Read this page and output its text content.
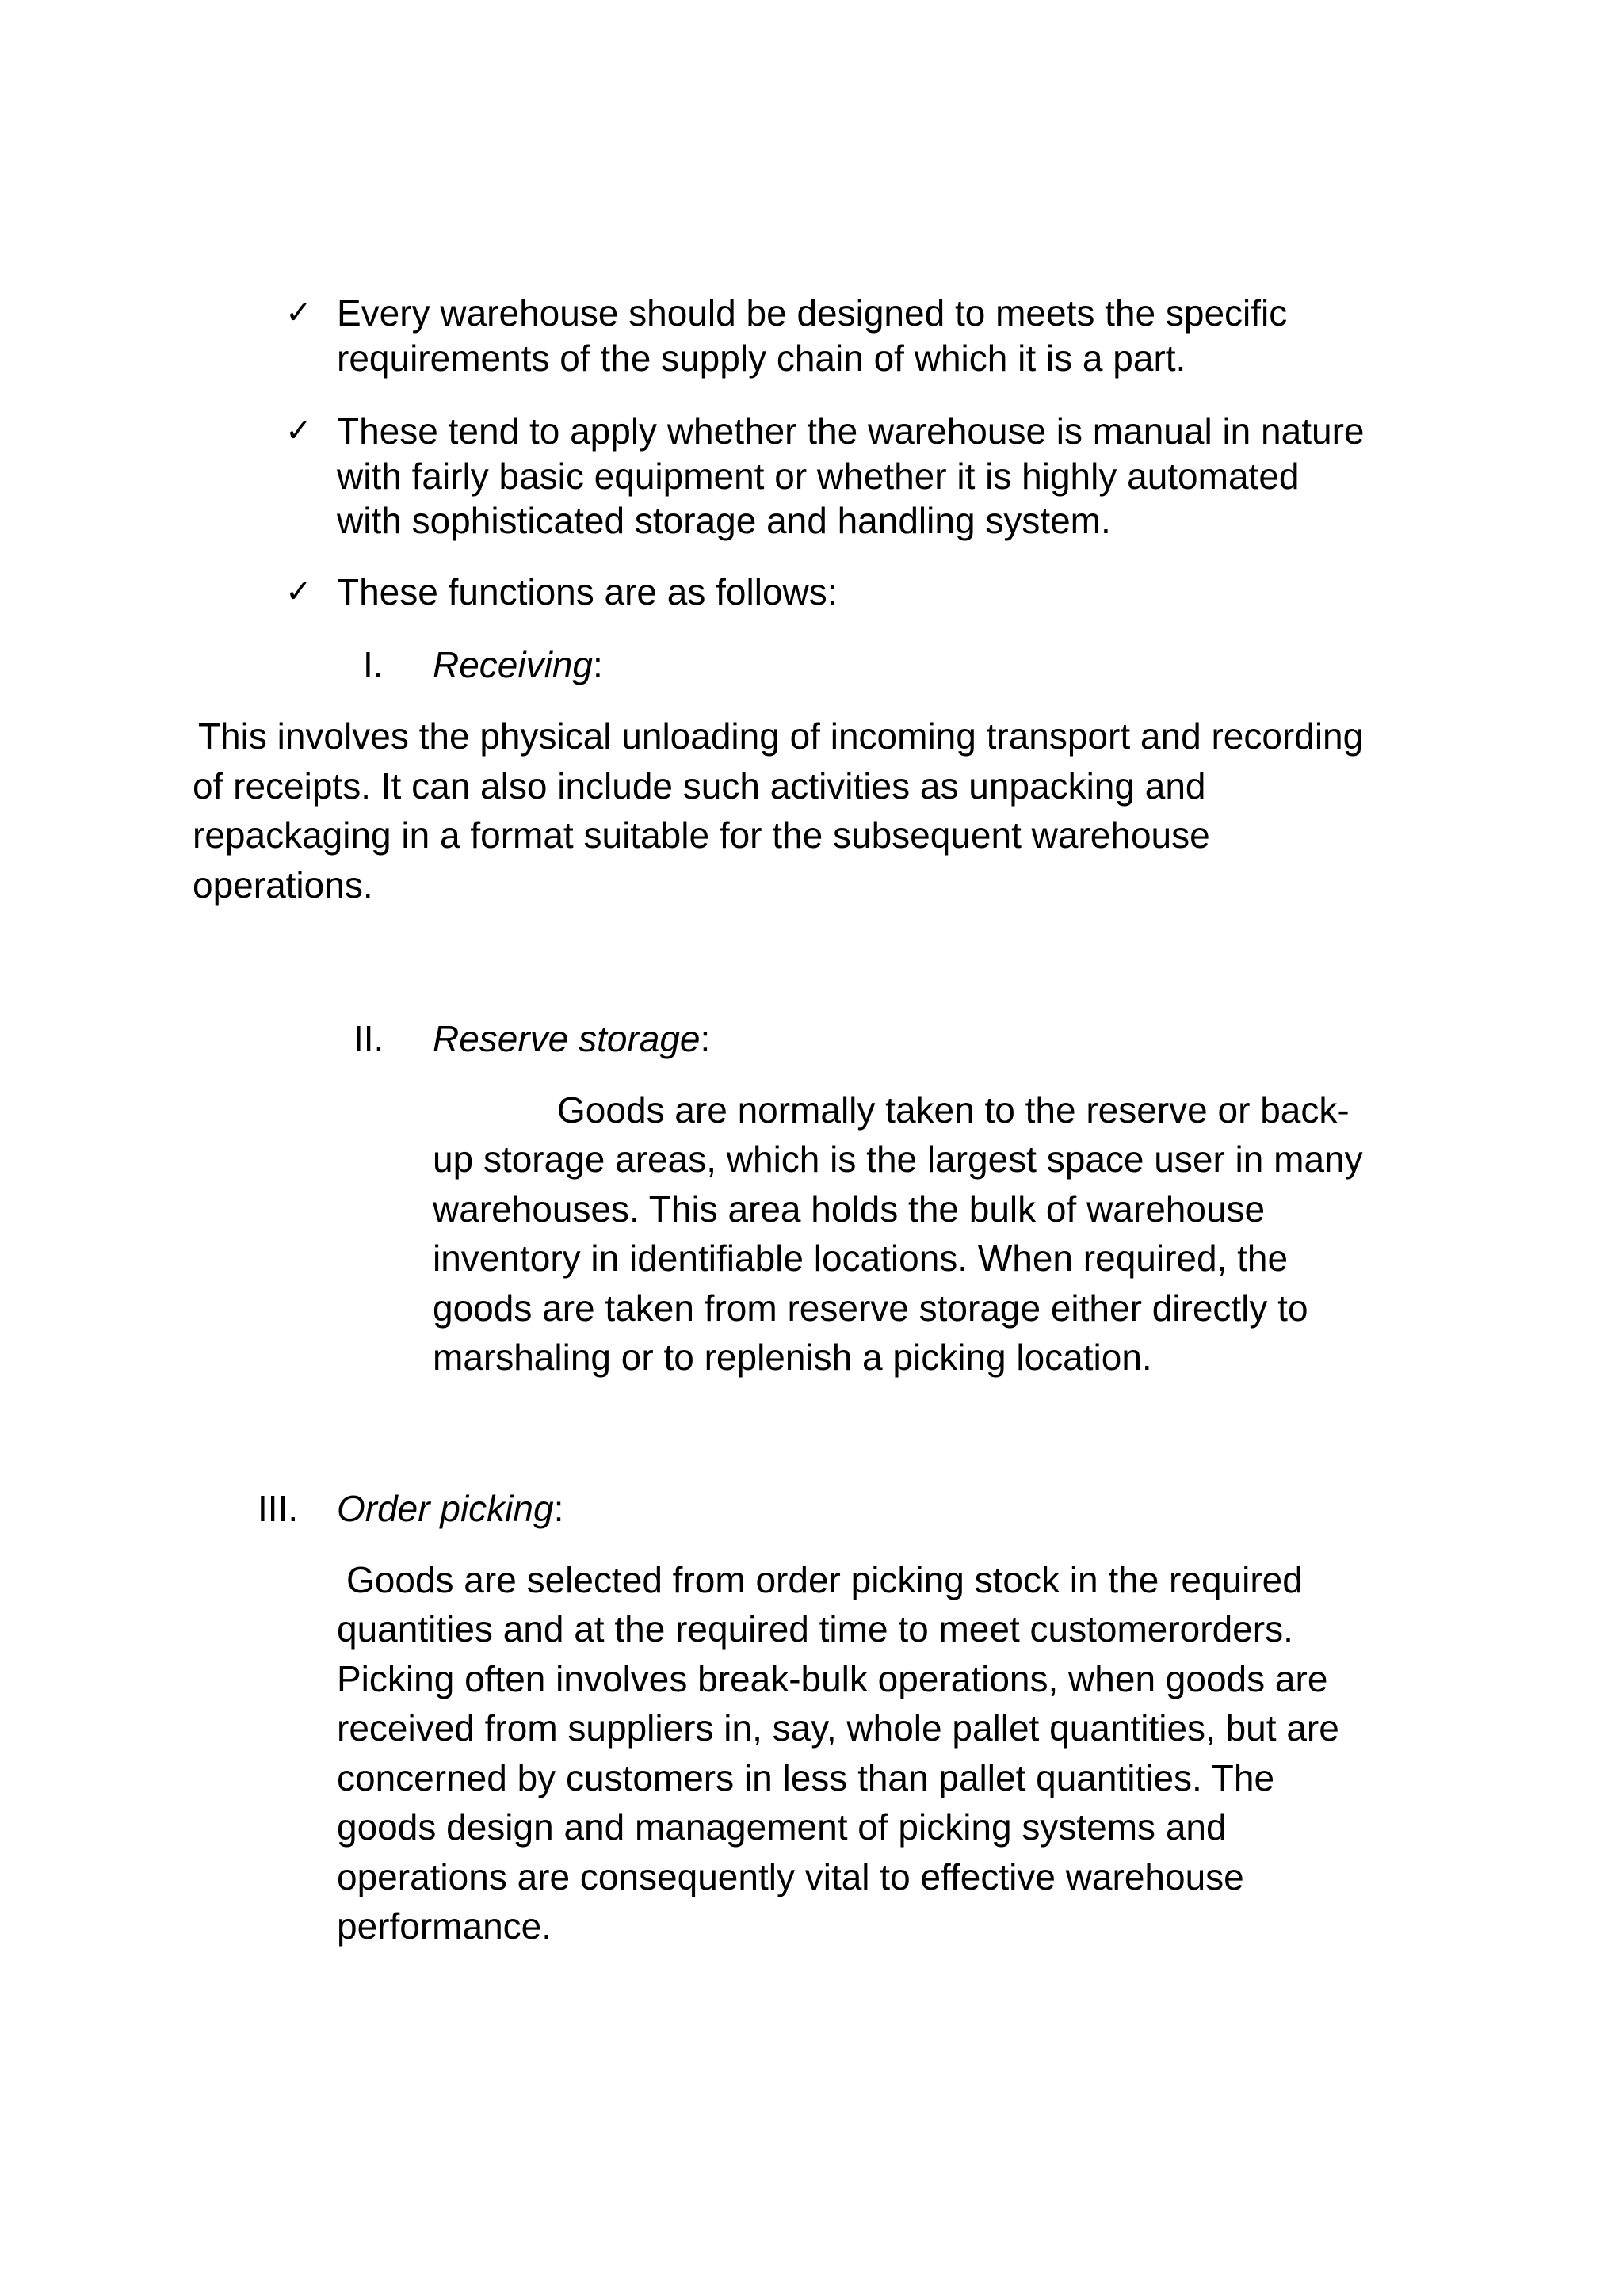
✓ Every warehouse should be designed to meets the specific
requirements of the supply chain of which it is a part.
✓ These tend to apply whether the warehouse is manual in nature
with fairly basic equipment or whether it is highly automated
with sophisticated storage and handling system.
✓ These functions are as follows:
I. Receiving:
This involves the physical unloading of incoming transport and recording
of receipts. It can also include such activities as unpacking and
repackaging in a format suitable for the subsequent warehouse
operations.
II. Reserve storage:
Goods are normally taken to the reserve or back-
up storage areas, which is the largest space user in many
warehouses. This area holds the bulk of warehouse
inventory in identifiable locations. When required, the
goods are taken from reserve storage either directly to
marshaling or to replenish a picking location.
III. Order picking:
Goods are selected from order picking stock in the required
quantities and at the required time to meet customerorders.
Picking often involves break-bulk operations, when goods are
received from suppliers in, say, whole pallet quantities, but are
concerned by customers in less than pallet quantities. The
goods design and management of picking systems and
operations are consequently vital to effective warehouse
performance.
